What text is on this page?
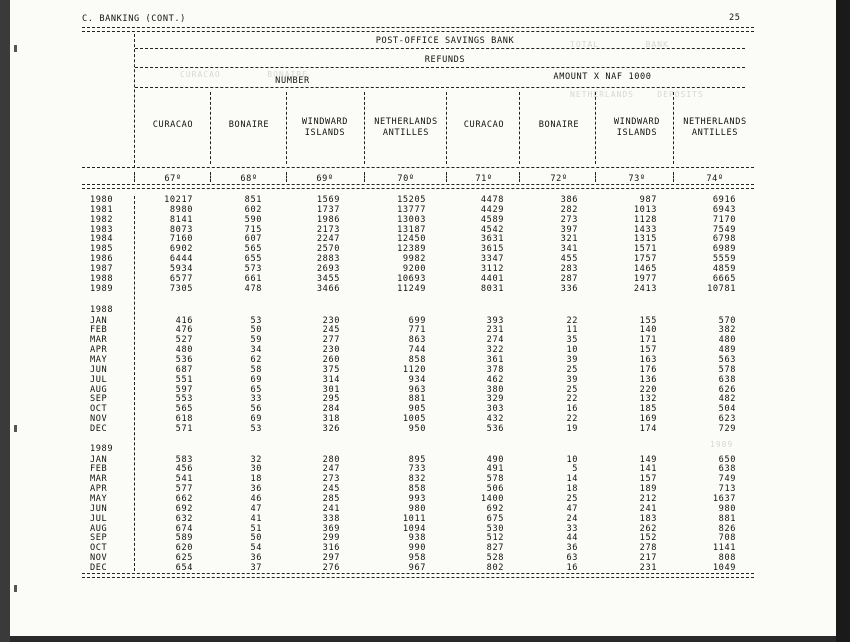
TOTAL        BANK
CURACAO        BONAIRE
NETHERLANDS    DEPOSITS
1989
C. BANKING (CONT.)	25
POST-OFFICE SAVINGS BANK
REFUNDS
NUMBER	AMOUNT X NAF 1000
CURACAO	BONAIRE	WINDWARD
ISLANDS
NETHERLANDS
ANTILLES
CURACAO	BONAIRE	WINDWARD
ISLANDS
NETHERLANDS
ANTILLES
67º	68º	69º	70º	71º	72º	73º	74º
1980	10217	851	1569	15205	4478	386	987	6916
1981	8980	602	1737	13777	4429	282	1013	6943
1982	8141	590	1986	13003	4589	273	1128	7170
1983	8073	715	2173	13187	4542	397	1433	7549
1984	7160	607	2247	12450	3631	321	1315	6798
1985	6902	565	2570	12389	3615	341	1571	6989
1986	6444	655	2883	9982	3347	455	1757	5559
1987	5934	573	2693	9200	3112	283	1465	4859
1988	6577	661	3455	10693	4401	287	1977	6665
1989	7305	478	3466	11249	8031	336	2413	10781
1988
JAN	416	53	230	699	393	22	155	570
FEB	476	50	245	771	231	11	140	382
MAR	527	59	277	863	274	35	171	480
APR	480	34	230	744	322	10	157	489
MAY	536	62	260	858	361	39	163	563
JUN	687	58	375	1120	378	25	176	578
JUL	551	69	314	934	462	39	136	638
AUG	597	65	301	963	380	25	220	626
SEP	553	33	295	881	329	22	132	482
OCT	565	56	284	905	303	16	185	504
NOV	618	69	318	1005	432	22	169	623
DEC	571	53	326	950	536	19	174	729
1989
JAN	583	32	280	895	490	10	149	650
FEB	456	30	247	733	491	5	141	638
MAR	541	18	273	832	578	14	157	749
APR	577	36	245	858	506	18	189	713
MAY	662	46	285	993	1400	25	212	1637
JUN	692	47	241	980	692	47	241	980
JUL	632	41	338	1011	675	24	183	881
AUG	674	51	369	1094	530	33	262	826
SEP	589	50	299	938	512	44	152	708
OCT	620	54	316	990	827	36	278	1141
NOV	625	36	297	958	528	63	217	808
DEC	654	37	276	967	802	16	231	1049
